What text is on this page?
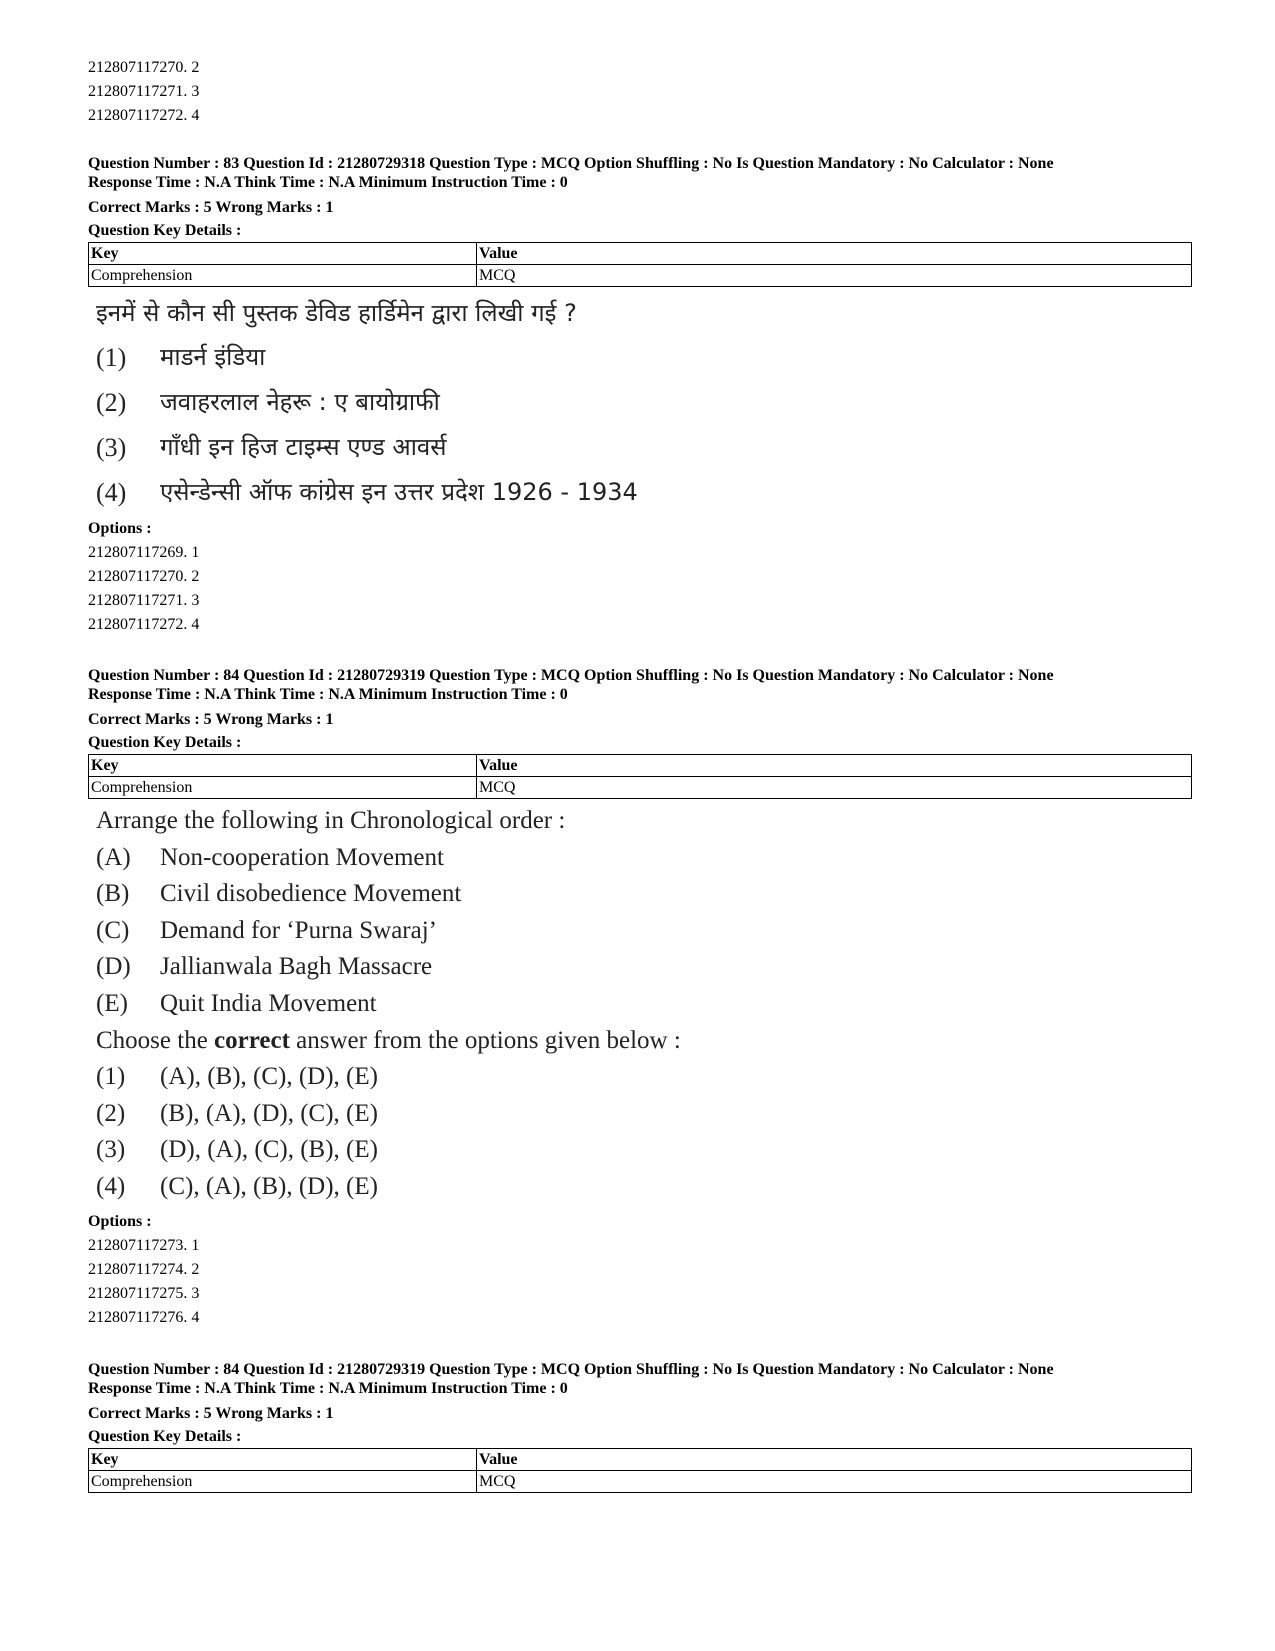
212807117270. 2
212807117271. 3
212807117272. 4
Question Number : 83 Question Id : 21280729318 Question Type : MCQ Option Shuffling : No Is Question Mandatory : No Calculator : None
Response Time : N.A Think Time : N.A Minimum Instruction Time : 0
Correct Marks : 5 Wrong Marks : 1
Question Key Details :
Key	Value
Comprehension	MCQ
इनमें से कौन सी पुस्तक डेविड हार्डिमेन द्वारा लिखी गई ?
(1)	माडर्न इंडिया
(2)	जवाहरलाल नेहरू : ए बायोग्राफी
(3)	गाँधी इन हिज टाइम्स एण्ड आवर्स
(4)	एसेन्डेन्सी ऑफ कांग्रेस इन उत्तर प्रदेश 1926 - 1934
Options :
212807117269. 1
212807117270. 2
212807117271. 3
212807117272. 4
Question Number : 84 Question Id : 21280729319 Question Type : MCQ Option Shuffling : No Is Question Mandatory : No Calculator : None
Response Time : N.A Think Time : N.A Minimum Instruction Time : 0
Correct Marks : 5 Wrong Marks : 1
Question Key Details :
Key	Value
Comprehension	MCQ
Arrange the following in Chronological order :
(A)	Non-cooperation Movement
(B)	Civil disobedience Movement
(C)	Demand for ‘Purna Swaraj’
(D)	Jallianwala Bagh Massacre
(E)	Quit India Movement
Choose the correct answer from the options given below :
(1)	(A), (B), (C), (D), (E)
(2)	(B), (A), (D), (C), (E)
(3)	(D), (A), (C), (B), (E)
(4)	(C), (A), (B), (D), (E)
Options :
212807117273. 1
212807117274. 2
212807117275. 3
212807117276. 4
Question Number : 84 Question Id : 21280729319 Question Type : MCQ Option Shuffling : No Is Question Mandatory : No Calculator : None
Response Time : N.A Think Time : N.A Minimum Instruction Time : 0
Correct Marks : 5 Wrong Marks : 1
Question Key Details :
Key	Value
Comprehension	MCQ
